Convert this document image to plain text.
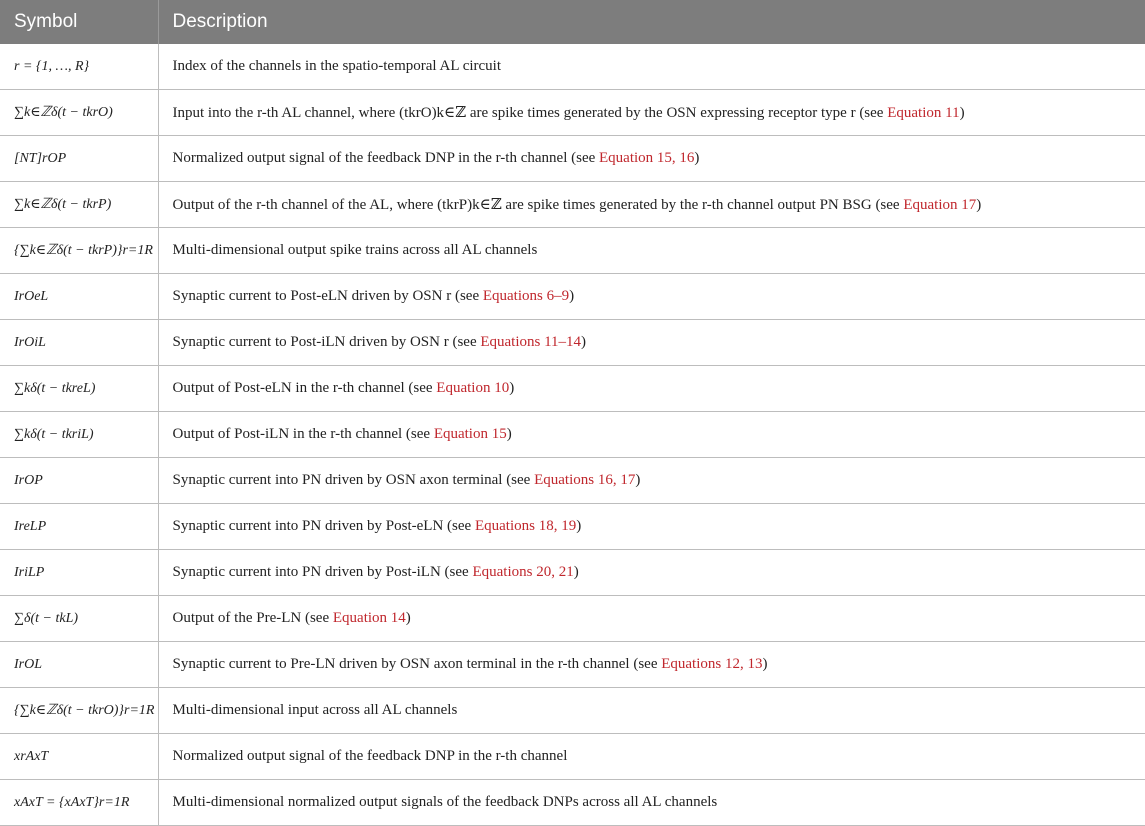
Symbol	Description
r = {1, …, R}	Index of the channels in the spatio-temporal AL circuit
∑k∈ℤδ(t − tkrO)	Input into the r-th AL channel, where (tkrO)k∈ℤ are spike times generated by the OSN expressing receptor type r (see Equation 11)
[NT]rOP	Normalized output signal of the feedback DNP in the r-th channel (see Equation 15, 16)
∑k∈ℤδ(t − tkrP)	Output of the r-th channel of the AL, where (tkrP)k∈ℤ are spike times generated by the r-th channel output PN BSG (see Equation 17)
{∑k∈ℤδ(t − tkrP)}r=1R	Multi-dimensional output spike trains across all AL channels
IrOeL	Synaptic current to Post-eLN driven by OSN r (see Equations 6–9)
IrOiL	Synaptic current to Post-iLN driven by OSN r (see Equations 11–14)
∑kδ(t − tkreL)	Output of Post-eLN in the r-th channel (see Equation 10)
∑kδ(t − tkriL)	Output of Post-iLN in the r-th channel (see Equation 15)
IrOP	Synaptic current into PN driven by OSN axon terminal (see Equations 16, 17)
IreLP	Synaptic current into PN driven by Post-eLN (see Equations 18, 19)
IriLP	Synaptic current into PN driven by Post-iLN (see Equations 20, 21)
∑δ(t − tkL)	Output of the Pre-LN (see Equation 14)
IrOL	Synaptic current to Pre-LN driven by OSN axon terminal in the r-th channel (see Equations 12, 13)
{∑k∈ℤδ(t − tkrO)}r=1R	Multi-dimensional input across all AL channels
xrAxT	Normalized output signal of the feedback DNP in the r-th channel
xAxT = {xAxT}r=1R	Multi-dimensional normalized output signals of the feedback DNPs across all AL channels
